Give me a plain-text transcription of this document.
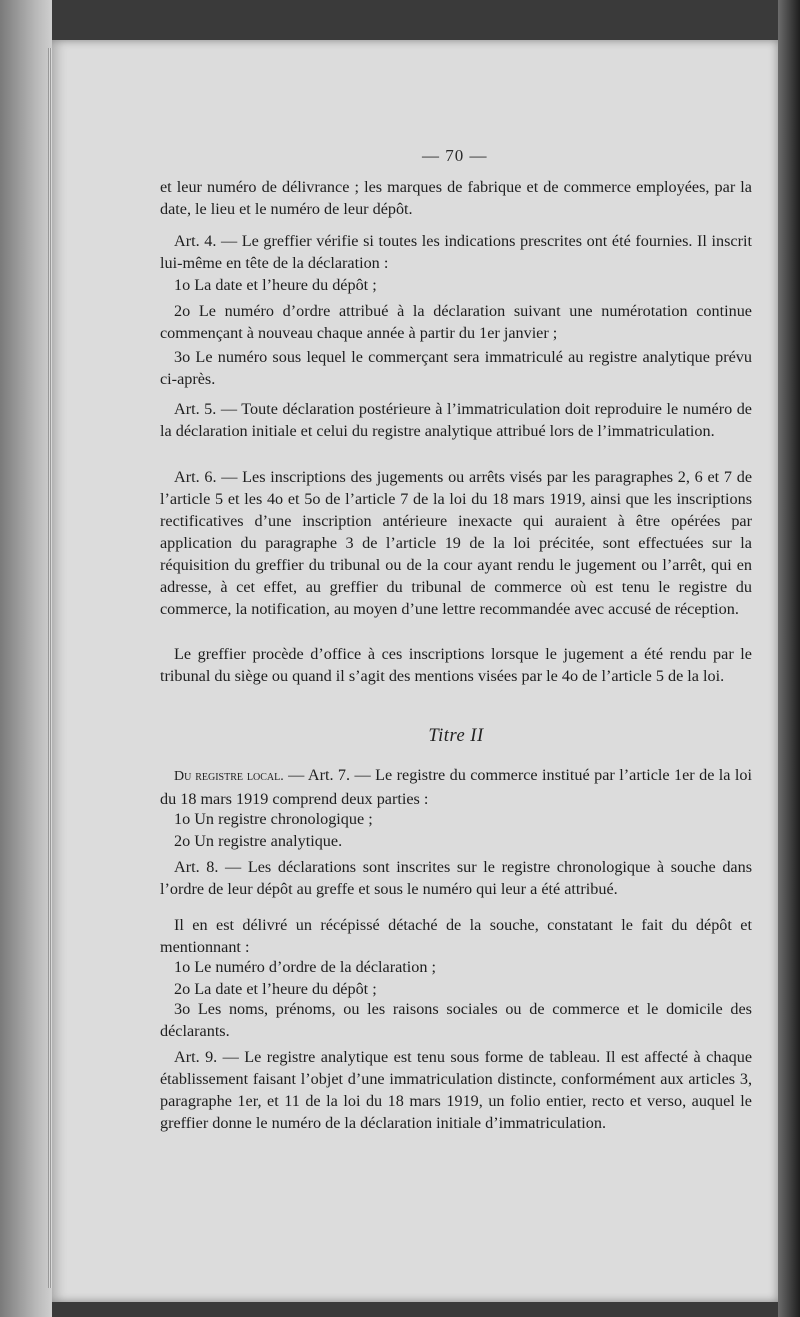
— 70 —

et leur numéro de délivrance ; les marques de fabrique et de commerce employées, par la date, le lieu et le numéro de leur dépôt.

Art. 4. — Le greffier vérifie si toutes les indications prescrites ont été fournies. Il inscrit lui-même en tête de la déclaration :

1o La date et l’heure du dépôt ;

2o Le numéro d’ordre attribué à la déclaration suivant une numérotation continue commençant à nouveau chaque année à partir du 1er janvier ;

3o Le numéro sous lequel le commerçant sera immatriculé au registre analytique prévu ci-après.

Art. 5. — Toute déclaration postérieure à l’immatriculation doit reproduire le numéro de la déclaration initiale et celui du registre analytique attribué lors de l’immatriculation.

Art. 6. — Les inscriptions des jugements ou arrêts visés par les paragraphes 2, 6 et 7 de l’article 5 et les 4o et 5o de l’article 7 de la loi du 18 mars 1919, ainsi que les inscriptions rectificatives d’une inscription antérieure inexacte qui auraient à être opérées par application du paragraphe 3 de l’article 19 de la loi précitée, sont effectuées sur la réquisition du greffier du tribunal ou de la cour ayant rendu le jugement ou l’arrêt, qui en adresse, à cet effet, au greffier du tribunal de commerce où est tenu le registre du commerce, la notification, au moyen d’une lettre recommandée avec accusé de réception.

Le greffier procède d’office à ces inscriptions lorsque le jugement a été rendu par le tribunal du siège ou quand il s’agit des mentions visées par le 4o de l’article 5 de la loi.

Titre II

Du registre local. — Art. 7. — Le registre du commerce institué par l’article 1er de la loi du 18 mars 1919 comprend deux parties :

1o Un registre chronologique ;

2o Un registre analytique.

Art. 8. — Les déclarations sont inscrites sur le registre chronologique à souche dans l’ordre de leur dépôt au greffe et sous le numéro qui leur a été attribué.

Il en est délivré un récépissé détaché de la souche, constatant le fait du dépôt et mentionnant :

1o Le numéro d’ordre de la déclaration ;

2o La date et l’heure du dépôt ;

3o Les noms, prénoms, ou les raisons sociales ou de commerce et le domicile des déclarants.

Art. 9. — Le registre analytique est tenu sous forme de tableau. Il est affecté à chaque établissement faisant l’objet d’une immatriculation distincte, conformément aux articles 3, paragraphe 1er, et 11 de la loi du 18 mars 1919, un folio entier, recto et verso, auquel le greffier donne le numéro de la déclaration initiale d’immatriculation.
